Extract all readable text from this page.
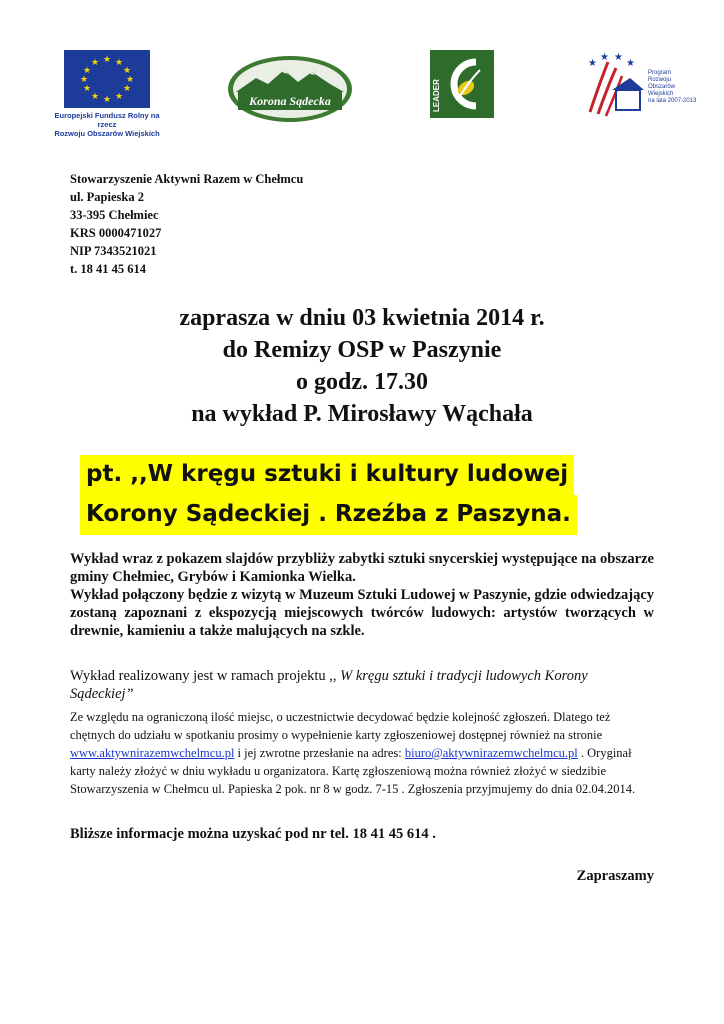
★ ★
★
★
★
★
★
★
★
★
★
★
Europejski Fundusz Rolny na rzecz
Rozwoju Obszarów Wiejskich
Korona Sądecka	LEADER
★
★ ★
★
Program
Rozwoju
Obszarów
Wiejskich
na lata 2007-2013
Stowarzyszenie Aktywni Razem w Chełmcu
ul. Papieska 2
33-395 Chełmiec
KRS 0000471027
NIP 7343521021
t. 18 41 45 614
zaprasza w dniu 03 kwietnia 2014 r.
do Remizy OSP w Paszynie
o godz. 17.30
na wykład P. Mirosławy Wąchała
pt. ,,W kręgu sztuki i kultury ludowej
Korony Sądeckiej . Rzeźba z Paszyna.

Wykład wraz z pokazem slajdów przybliży zabytki sztuki snycerskiej występujące na obszarze gminy Chełmiec, Grybów i Kamionka Wielka.

Wykład połączony będzie z wizytą w Muzeum Sztuki Ludowej w Paszynie, gdzie odwiedzający zostaną zapoznani z ekspozycją miejscowych twórców ludowych: artystów tworzących w drewnie, kamieniu a także malujących na szkle.

Wykład realizowany jest w ramach projektu ,, W kręgu sztuki i tradycji ludowych Korony Sądeckiej”
Ze względu na ograniczoną ilość miejsc, o uczestnictwie decydować będzie kolejność zgłoszeń. Dlatego też chętnych do udziału w spotkaniu prosimy o wypełnienie karty zgłoszeniowej dostępnej również na stronie www.aktywnirazemwchelmcu.pl i jej zwrotne przesłanie na adres: biuro@aktywnirazemwchelmcu.pl . Oryginał karty należy złożyć w dniu wykładu u organizatora. Kartę zgłoszeniową można również złożyć w siedzibie Stowarzyszenia w Chełmcu ul. Papieska 2 pok. nr 8 w godz. 7-15 . Zgłoszenia przyjmujemy do dnia 02.04.2014.
Bliższe informacje można uzyskać pod nr tel. 18 41 45 614 .
Zapraszamy
